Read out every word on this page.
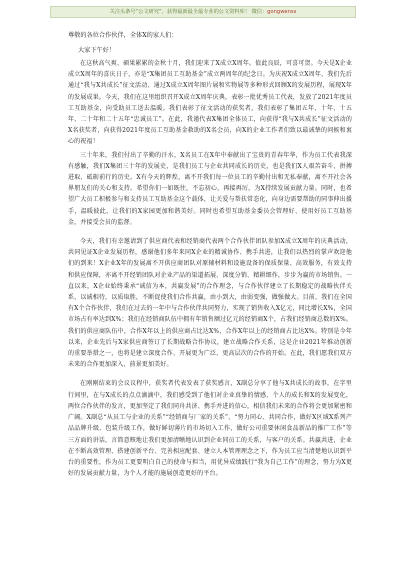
关注头条号“公文研究”，获得最新最全最专业的公文资料库！ 微信：gongwenss

尊敬的各位合作伙伴，全体X的家人们：

大家下午好！

在这秋高气爽、硕果累累的金秋十月，我们迎来了X成立X周年。值此良辰，可喜可贺。今天是X企业成立X周年的喜庆日子，亦是“X集团员工互助基金”成立两周年的纪念日。为庆祝X成立X周年，我们先后通过“我与X共成长”征文活动、通过X成立X周年图片展和实物展等多种形式回顾X的发展历程，展现X年的发展成果。今天，我们在这里组织召开X成立X周年庆典，表彰一批优秀员工代表，发放了2021年度员工互助基金，向受助员工送去温暖。我们表彰了征文活动的获奖者，我们表彰了集团五年、十年、十五年、二十年和二十五年“忠诚员工”。在此，我谨代表X集团全体员工，向获得“我与X共成长”征文活动的X名获奖者，向获得2021年度员工互助基金救助的X名会员，向X的企业工作者们致以最诚挚的问候和衷心的祝福！

三十年来，我们付出了辛勤的汗水，X名员工在X年中奉献出了宝贵的青春年华，作为员工代表我深有感触，我们X集团三十年的发展史，是我们员工与企业共同成长的历史，也是我们X人艰苦奋斗、拼搏进取、砥砺前行的历史。X有今天的辉煌，离不开我们每一位员工的辛勤付出和无私奉献，离不开社会各界朋友们的关心和支持。希望你们一如既往，不忘初心，再接再厉，为X持续发展贡献力量。同时，也希望广大员工积极参与和支持员工互助基金这个载体，让关爱与帮扶常态化，向身边需要帮助的同事伸出援手，温暖彼此，让我们的X家园更加和谐美好。同时也希望互助基金委员会管理好、使用好员工互助基金，并接受会员的监督。

今天，我们有幸邀请到了供应商代表和经销商代表两个合作伙伴团队参加X成立X周年的庆典活动，共同见证X企业发展历程，感谢他们多年来同X企业的精诚协作、携手共进，让我们以热烈的掌声欢迎他们的到来！X企业X年的发展离不开供应商团队对原辅材料和设施设备的保质保量、高效服务，有效支持和供应保障，亦离不开经销团队对企业产品的渠道拓展、深度分销、精耕细作，步步为赢的市场销售。一直以来，X企业始终秉承“诚信为本，共赢发展”的合作理念，与合作伙伴建立了长期稳定的战略伙伴关系，以诚相待，以质取胜，不断促使我们合作共赢，由小到大，由弱变强，做强做大。目前，我们在全国有X个合作伙伴，我们在过去的一年中与合作伙伴共同努力，实现了销售收入X亿元，同比增长X%，全国市场占有率达到X%；我们在经销商队伍中拥有年销售额过亿元的经销商X个，占我们经销商总数的X%。我们的供应商队伍中，合作X年以上的供应商占比达X%，合作X年以上的经销商占比达X%。特别是今年以来，企业先后与X家供应商签订了长期战略合作协议，建立战略合作关系，这是企业2021年推动创新的重要举措之一，也将是建立深度合作、开展更为广泛、更高层次的合作的开始。在此，我们愿我们双方未来的合作更加深入、前景更加美好。

在刚刚结束的会议议程中，获奖者代表发表了获奖感言，X副总分享了他与X共成长的故事，在字里行间里，在与X成长的点点滴滴中，我们感受到了他们对企业真挚的情感、个人的成长和X的发展变化，两位合作伙伴的发言，更加坚定了我们同舟共济、携手并进的信心，相信我们未来的合作将会更加紧密和广阔。X副总“从员工与企业的关系”“经销商与厂家的关系”、“努力同心、共同合作，做好X区域X系列产品品牌升级、包装升级工作，做好鲜切薄片的市场切入工作，做好公司重要休闲食品新品的推广工作”等三方面的讲话，言简意赅地让我们更加清晰地认识到企业同员工的关系，与客户的关系。共赢共进，企业在不断高效管理、搭建创新平台、完善相应配套、建立人本管理理念之下，作为员工应当清楚地认识到平台的重要性，作为员工更要明白自己的使命与担当，用优异成绩践行“我为自己工作”的理念，努力为X更好的发展贡献力量，为个人才能的施展创造更好的平台。
